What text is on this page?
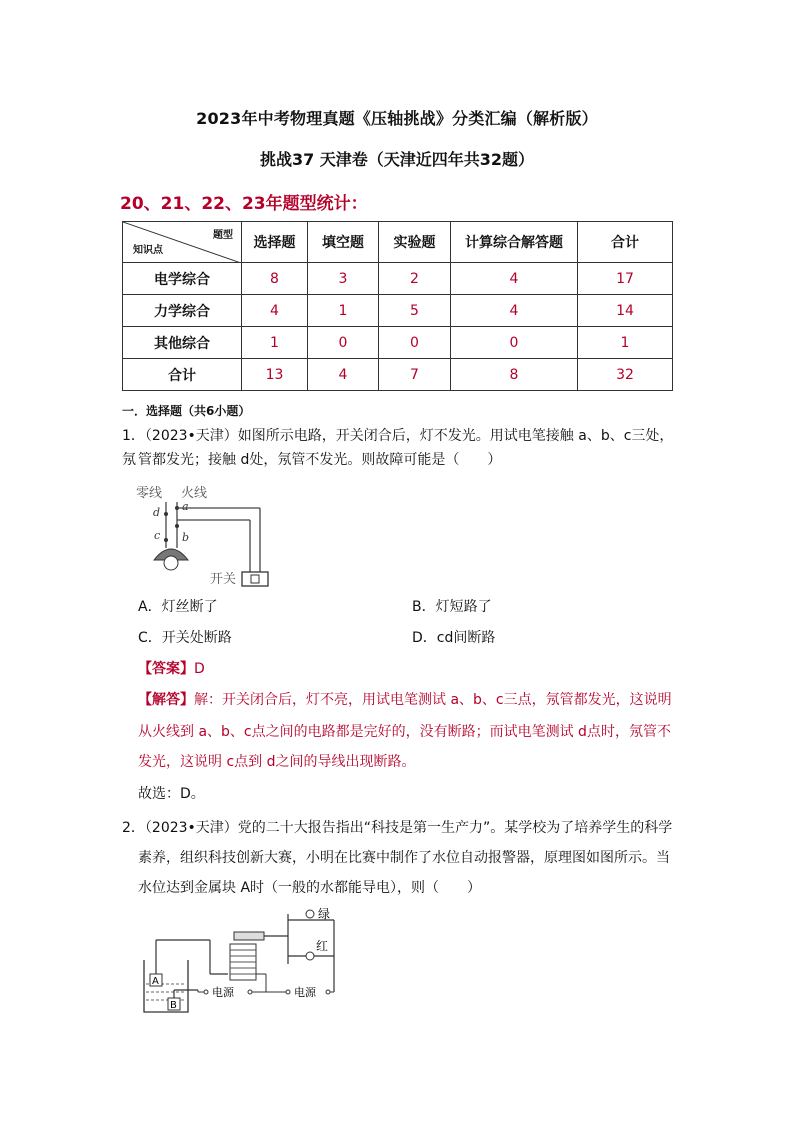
2023年中考物理真题《压轴挑战》分类汇编（解析版）
挑战37 天津卷（天津近四年共32题）
20、21、22、23年题型统计：
题型
知识点	选择题	填空题	实验题	计算综合解答题	合计
电学综合	8	3	2	4	17
力学综合	4	1	5	4	14
其他综合	1	0	0	0	1
合计	13	4	7	8	32
一．选择题（共6小题）
1．（2023•天津）如图所示电路，开关闭合后，灯不发光。用试电笔接触 a、b、c三处，氖 管都发光；接触 d处，氖管不发光。则故障可能是（　　）
零线 火线
a
d
b
c
开关
A．灯丝断了	B．灯短路了
C．开关处断路	D．cd间断路
【答案】D
【解答】解：开关闭合后，灯不亮，用试电笔测试 a、b、c三点，氖管都发光，这说明
从火线到 a、b、c点之间的电路都是完好的，没有断路；而试电笔测试 d点时，氖管不
发光，这说明 c点到 d之间的导线出现断路。
故选：D。
2．（2023•天津）党的二十大报告指出“科技是第一生产力”。某学校为了培养学生的科学
素养，组织科技创新大赛，小明在比赛中制作了水位自动报警器，原理图如图所示。当
水位达到金属块 A时（一般的水都能导电），则（　　）
A
B
电源
绿
红
电源
